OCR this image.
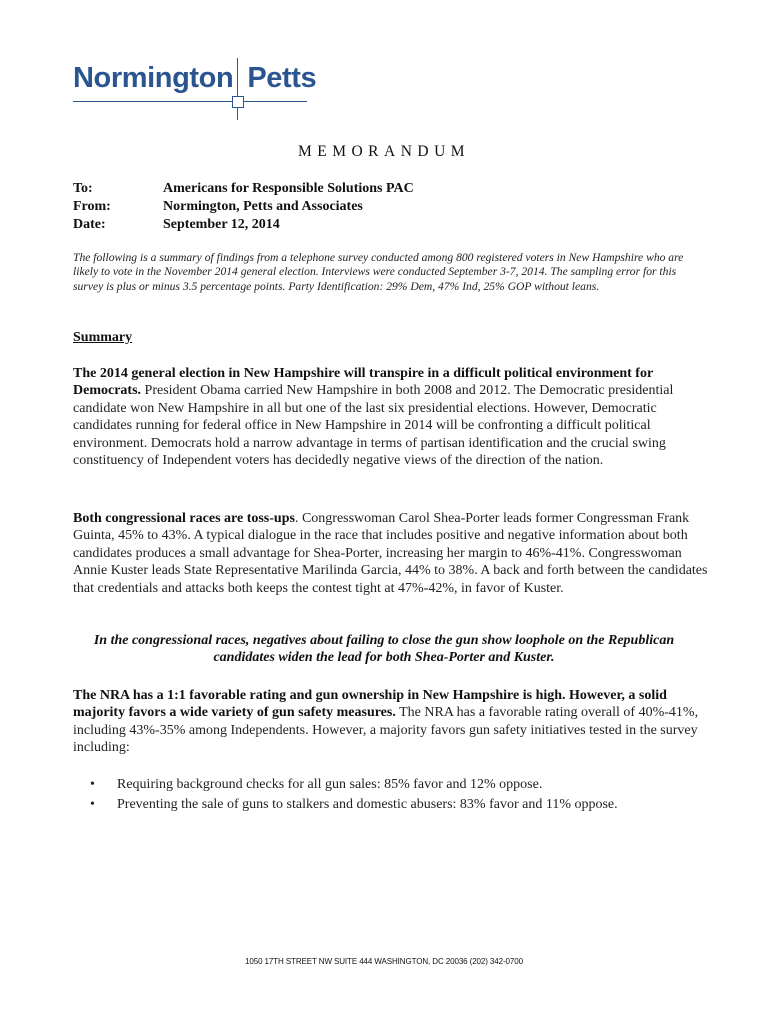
Normington Petts
MEMORANDUM
To:	Americans for Responsible Solutions PAC
From:	Normington, Petts and Associates
Date:	September 12, 2014
The following is a summary of findings from a telephone survey conducted among 800 registered voters in New Hampshire who are likely to vote in the November 2014 general election. Interviews were conducted September 3-7, 2014. The sampling error for this survey is plus or minus 3.5 percentage points. Party Identification: 29% Dem, 47% Ind, 25% GOP without leans.
Summary
The 2014 general election in New Hampshire will transpire in a difficult political environment for Democrats. President Obama carried New Hampshire in both 2008 and 2012. The Democratic presidential candidate won New Hampshire in all but one of the last six presidential elections. However, Democratic candidates running for federal office in New Hampshire in 2014 will be confronting a difficult political environment. Democrats hold a narrow advantage in terms of partisan identification and the crucial swing constituency of Independent voters has decidedly negative views of the direction of the nation.
Both congressional races are toss-ups. Congresswoman Carol Shea-Porter leads former Congressman Frank Guinta, 45% to 43%. A typical dialogue in the race that includes positive and negative information about both candidates produces a small advantage for Shea-Porter, increasing her margin to 46%-41%. Congresswoman Annie Kuster leads State Representative Marilinda Garcia, 44% to 38%. A back and forth between the candidates that credentials and attacks both keeps the contest tight at 47%-42%, in favor of Kuster.
In the congressional races, negatives about failing to close the gun show loophole on the Republican candidates widen the lead for both Shea-Porter and Kuster.
The NRA has a 1:1 favorable rating and gun ownership in New Hampshire is high. However, a solid majority favors a wide variety of gun safety measures. The NRA has a favorable rating overall of 40%-41%, including 43%-35% among Independents. However, a majority favors gun safety initiatives tested in the survey including:
• Requiring background checks for all gun sales: 85% favor and 12% oppose.
• Preventing the sale of guns to stalkers and domestic abusers: 83% favor and 11% oppose.
1050 17TH STREET NW SUITE 444 WASHINGTON, DC 20036 (202) 342-0700
